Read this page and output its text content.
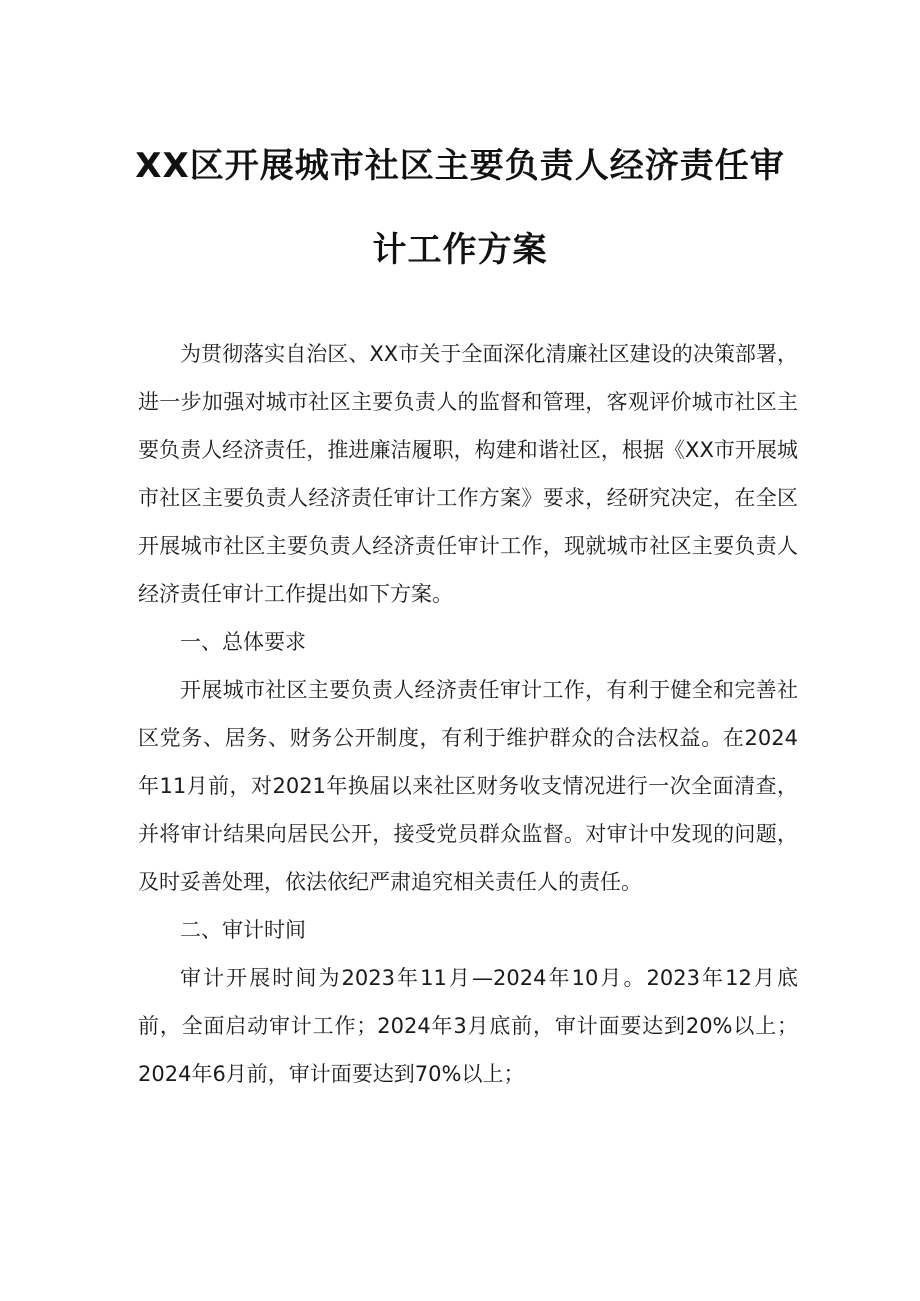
XX区开展城市社区主要负责人经济责任审
计工作方案

为贯彻落实自治区、XX市关于全面深化清廉社区建设的决策部署，进一步加强对城市社区主要负责人的监督和管理，客观评价城市社区主要负责人经济责任，推进廉洁履职，构建和谐社区，根据《XX市开展城市社区主要负责人经济责任审计工作方案》要求，经研究决定，在全区开展城市社区主要负责人经济责任审计工作，现就城市社区主要负责人经济责任审计工作提出如下方案。

一、总体要求

开展城市社区主要负责人经济责任审计工作，有利于健全和完善社区党务、居务、财务公开制度，有利于维护群众的合法权益。在2024年11月前，对2021年换届以来社区财务收支情况进行一次全面清查，并将审计结果向居民公开，接受党员群众监督。对审计中发现的问题，及时妥善处理，依法依纪严肃追究相关责任人的责任。

二、审计时间

审计开展时间为2023年11月—2024年10月。2023年12月底前，全面启动审计工作；2024年3月底前，审计面要达到20%以上；2024年6月前，审计面要达到70%以上；
